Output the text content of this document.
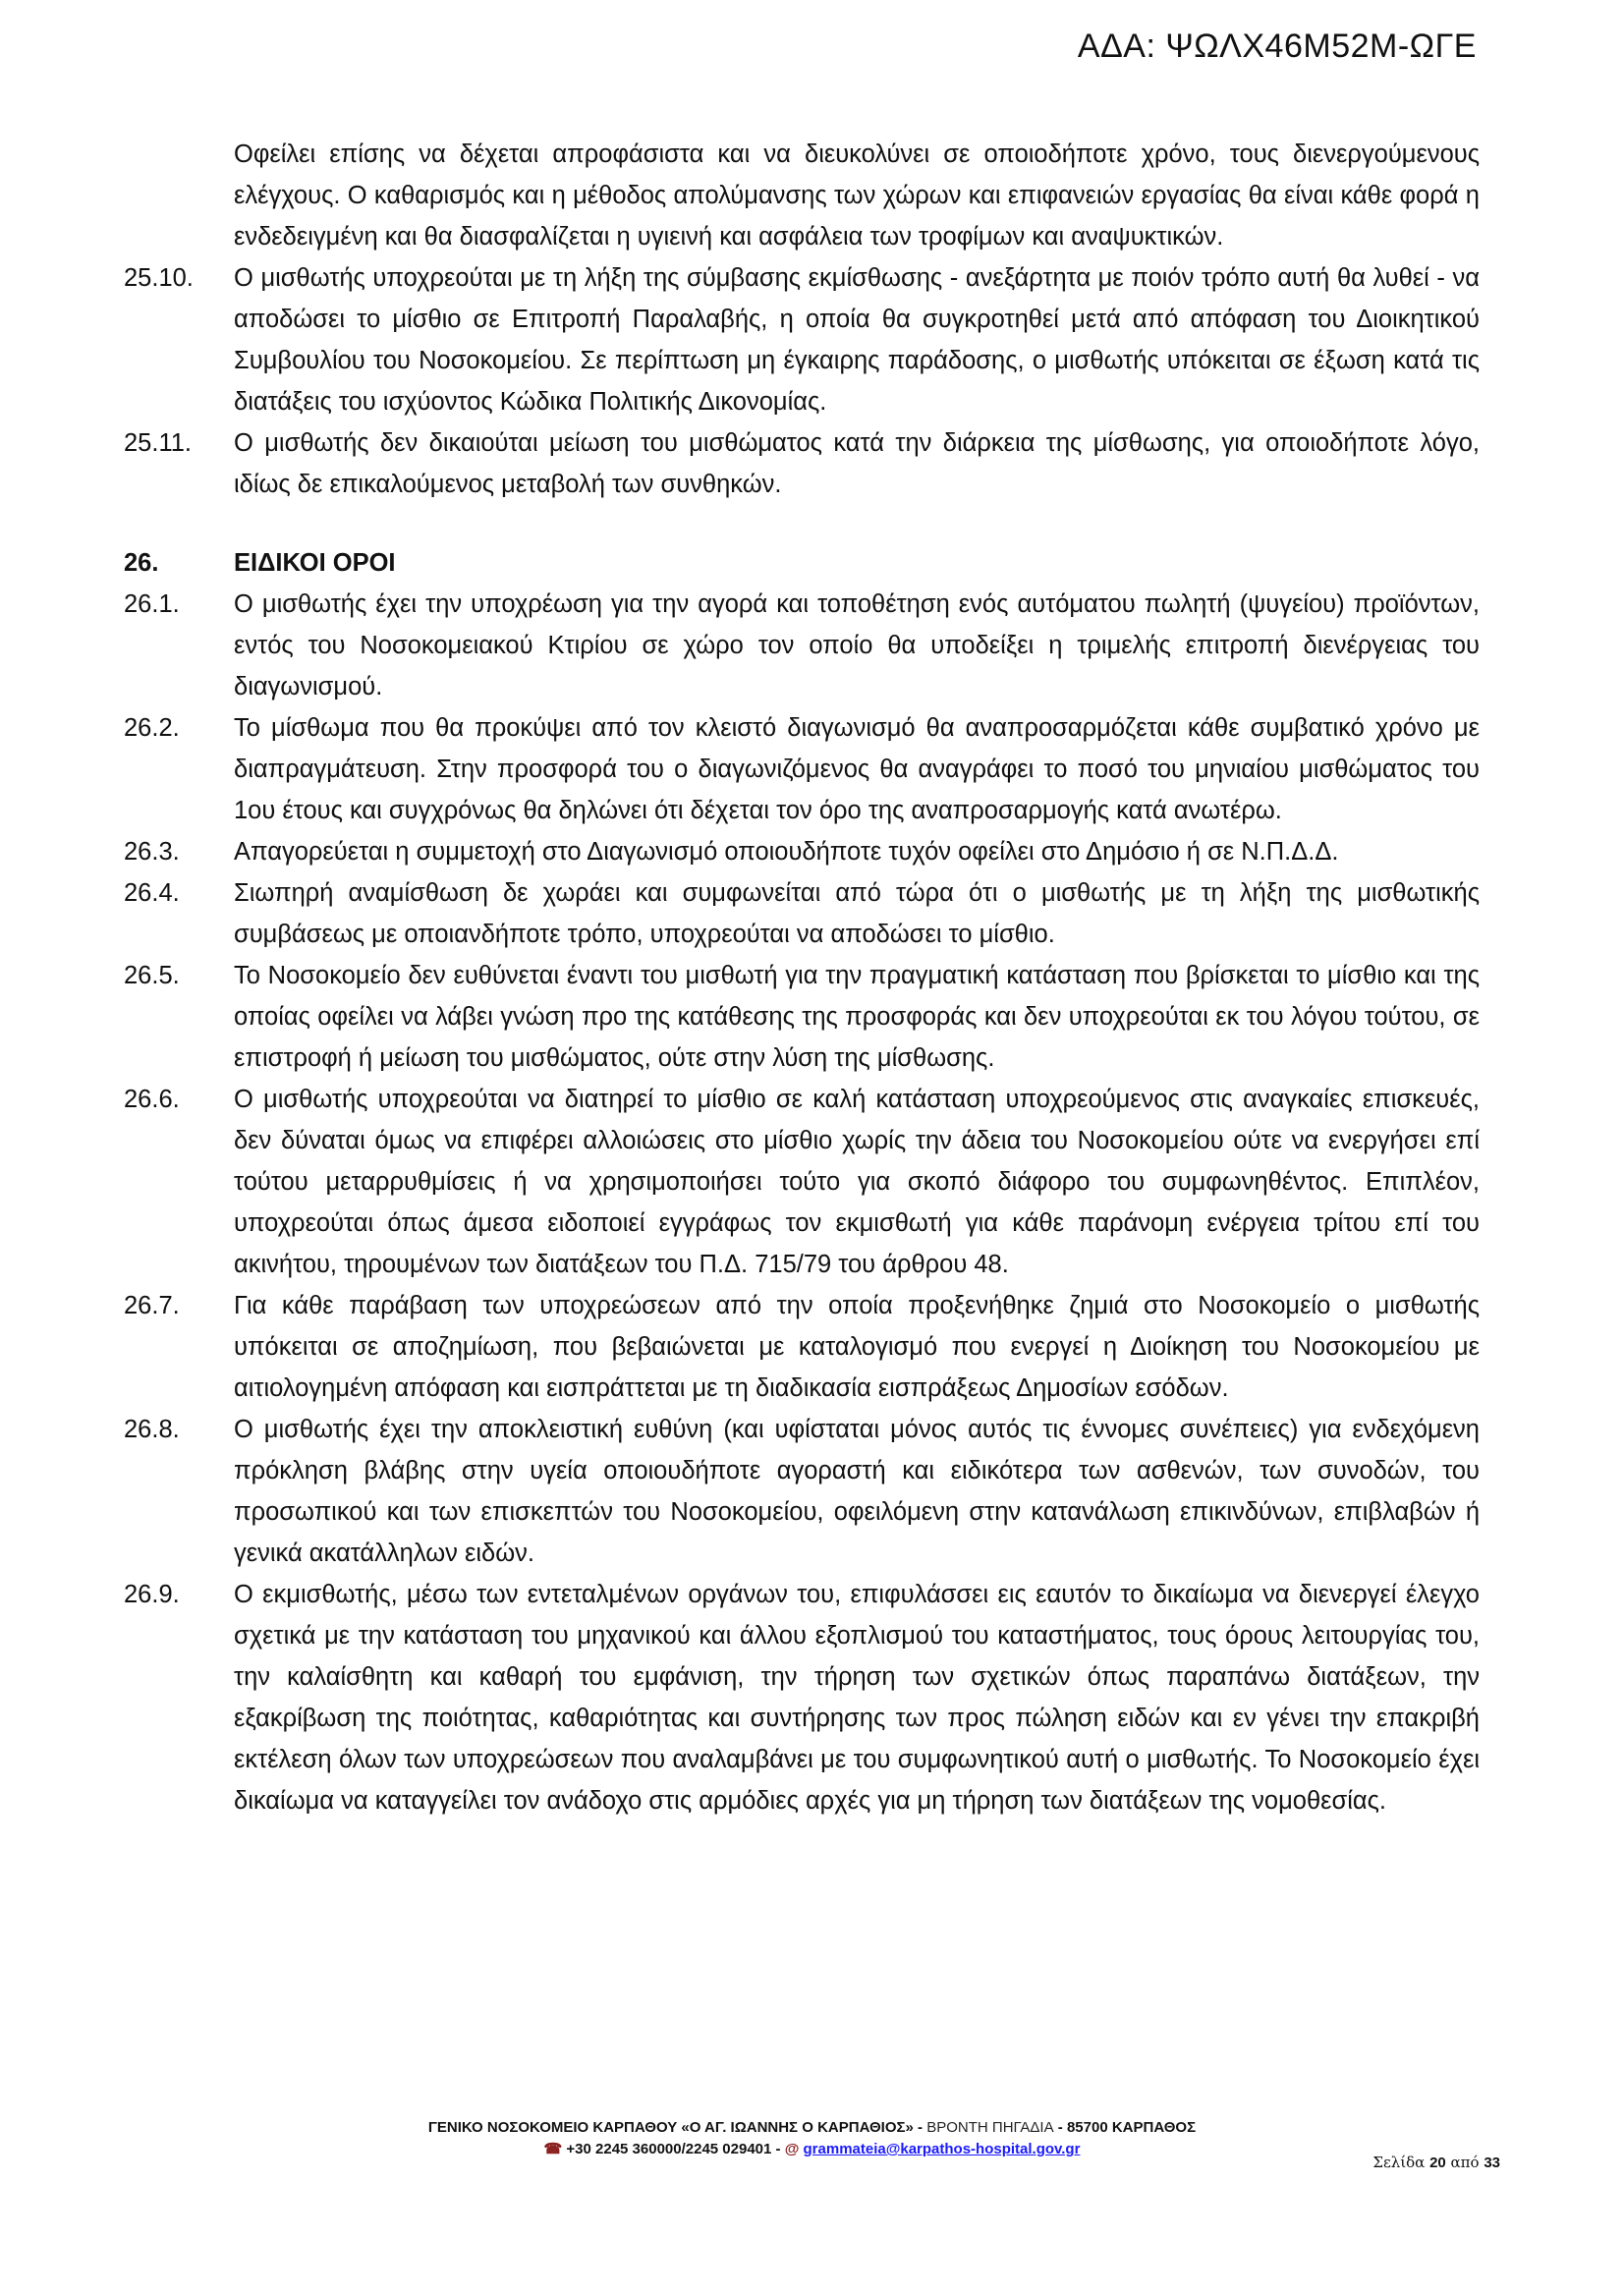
ΑΔΑ: ΨΩΛΧ46Μ52Μ-ΩΓΕ
Οφείλει επίσης να δέχεται απροφάσιστα και να διευκολύνει σε οποιοδήποτε χρόνο, τους διενεργούμενους ελέγχους. Ο καθαρισμός και η μέθοδος απολύμανσης των χώρων και επιφανειών εργασίας θα είναι κάθε φορά η ενδεδειγμένη και θα διασφαλίζεται η υγιεινή και ασφάλεια των τροφίμων και αναψυκτικών.
25.10.	Ο μισθωτής υποχρεούται με τη λήξη της σύμβασης εκμίσθωσης - ανεξάρτητα με ποιόν τρόπο αυτή θα λυθεί - να αποδώσει το μίσθιο σε Επιτροπή Παραλαβής, η οποία θα συγκροτηθεί μετά από απόφαση του Διοικητικού Συμβουλίου του Νοσοκομείου. Σε περίπτωση μη έγκαιρης παράδοσης, ο μισθωτής υπόκειται σε έξωση κατά τις διατάξεις του ισχύοντος Κώδικα Πολιτικής Δικονομίας.
25.11.	Ο μισθωτής δεν δικαιούται μείωση του μισθώματος κατά την διάρκεια της μίσθωσης, για οποιοδήποτε λόγο, ιδίως δε επικαλούμενος μεταβολή των συνθηκών.
26.	ΕΙΔΙΚΟΙ ΟΡΟΙ
26.1.	Ο μισθωτής έχει την υποχρέωση για την αγορά και τοποθέτηση ενός αυτόματου πωλητή (ψυγείου) προϊόντων, εντός του Νοσοκομειακού Κτιρίου σε χώρο τον οποίο θα υποδείξει η τριμελής επιτροπή διενέργειας του διαγωνισμού.
26.2.	Το μίσθωμα που θα προκύψει από τον κλειστό διαγωνισμό θα αναπροσαρμόζεται κάθε συμβατικό χρόνο με διαπραγμάτευση. Στην προσφορά του ο διαγωνιζόμενος θα αναγράφει το ποσό του μηνιαίου μισθώματος του 1ου έτους και συγχρόνως θα δηλώνει ότι δέχεται τον όρο της αναπροσαρμογής κατά ανωτέρω.
26.3.	Απαγορεύεται η συμμετοχή στο Διαγωνισμό οποιουδήποτε τυχόν οφείλει στο Δημόσιο ή σε Ν.Π.Δ.Δ.
26.4.	Σιωπηρή αναμίσθωση δε χωράει και συμφωνείται από τώρα ότι ο μισθωτής με τη λήξη της μισθωτικής συμβάσεως με οποιανδήποτε τρόπο, υποχρεούται να αποδώσει το μίσθιο.
26.5.	Το Νοσοκομείο δεν ευθύνεται έναντι του μισθωτή για την πραγματική κατάσταση που βρίσκεται το μίσθιο και της οποίας οφείλει να λάβει γνώση προ της κατάθεσης της προσφοράς και δεν υποχρεούται εκ του λόγου τούτου, σε επιστροφή ή μείωση του μισθώματος, ούτε στην λύση της μίσθωσης.
26.6.	Ο μισθωτής υποχρεούται να διατηρεί το μίσθιο σε καλή κατάσταση υποχρεούμενος στις αναγκαίες επισκευές, δεν δύναται όμως να επιφέρει αλλοιώσεις στο μίσθιο χωρίς την άδεια του Νοσοκομείου ούτε να ενεργήσει επί τούτου μεταρρυθμίσεις ή να χρησιμοποιήσει τούτο για σκοπό διάφορο του συμφωνηθέντος. Επιπλέον, υποχρεούται όπως άμεσα ειδοποιεί εγγράφως τον εκμισθωτή για κάθε παράνομη ενέργεια τρίτου επί του ακινήτου, τηρουμένων των διατάξεων του Π.Δ. 715/79 του άρθρου 48.
26.7.	Για κάθε παράβαση των υποχρεώσεων από την οποία προξενήθηκε ζημιά στο Νοσοκομείο ο μισθωτής υπόκειται σε αποζημίωση, που βεβαιώνεται με καταλογισμό που ενεργεί η Διοίκηση του Νοσοκομείου με αιτιολογημένη απόφαση και εισπράττεται με τη διαδικασία εισπράξεως Δημοσίων εσόδων.
26.8.	Ο μισθωτής έχει την αποκλειστική ευθύνη (και υφίσταται μόνος αυτός τις έννομες συνέπειες) για ενδεχόμενη πρόκληση βλάβης στην υγεία οποιουδήποτε αγοραστή και ειδικότερα των ασθενών, των συνοδών, του προσωπικού και των επισκεπτών του Νοσοκομείου, οφειλόμενη στην κατανάλωση επικινδύνων, επιβλαβών ή γενικά ακατάλληλων ειδών.
26.9.	Ο εκμισθωτής, μέσω των εντεταλμένων οργάνων του, επιφυλάσσει εις εαυτόν το δικαίωμα να διενεργεί έλεγχο σχετικά με την κατάσταση του μηχανικού και άλλου εξοπλισμού του καταστήματος, τους όρους λειτουργίας του, την καλαίσθητη και καθαρή του εμφάνιση, την τήρηση των σχετικών όπως παραπάνω διατάξεων, την εξακρίβωση της ποιότητας, καθαριότητας και συντήρησης των προς πώληση ειδών και εν γένει την επακριβή εκτέλεση όλων των υποχρεώσεων που αναλαμβάνει με του συμφωνητικού αυτή ο μισθωτής. Το Νοσοκομείο έχει δικαίωμα να καταγγείλει τον ανάδοχο στις αρμόδιες αρχές για μη τήρηση των διατάξεων της νομοθεσίας.
ΓΕΝΙΚΟ ΝΟΣΟΚΟΜΕΙΟ ΚΑΡΠΑΘΟΥ «Ο ΑΓ. ΙΩΑΝΝΗΣ Ο ΚΑΡΠΑΘΙΟΣ» - ΒΡΟΝΤΗ ΠΗΓΑΔΙΑ - 85700 ΚΑΡΠΑΘΟΣ
☎ +30 2245 360000/2245 029401 - @ grammateia@karpathos-hospital.gov.gr
Σελίδα 20 από 33
